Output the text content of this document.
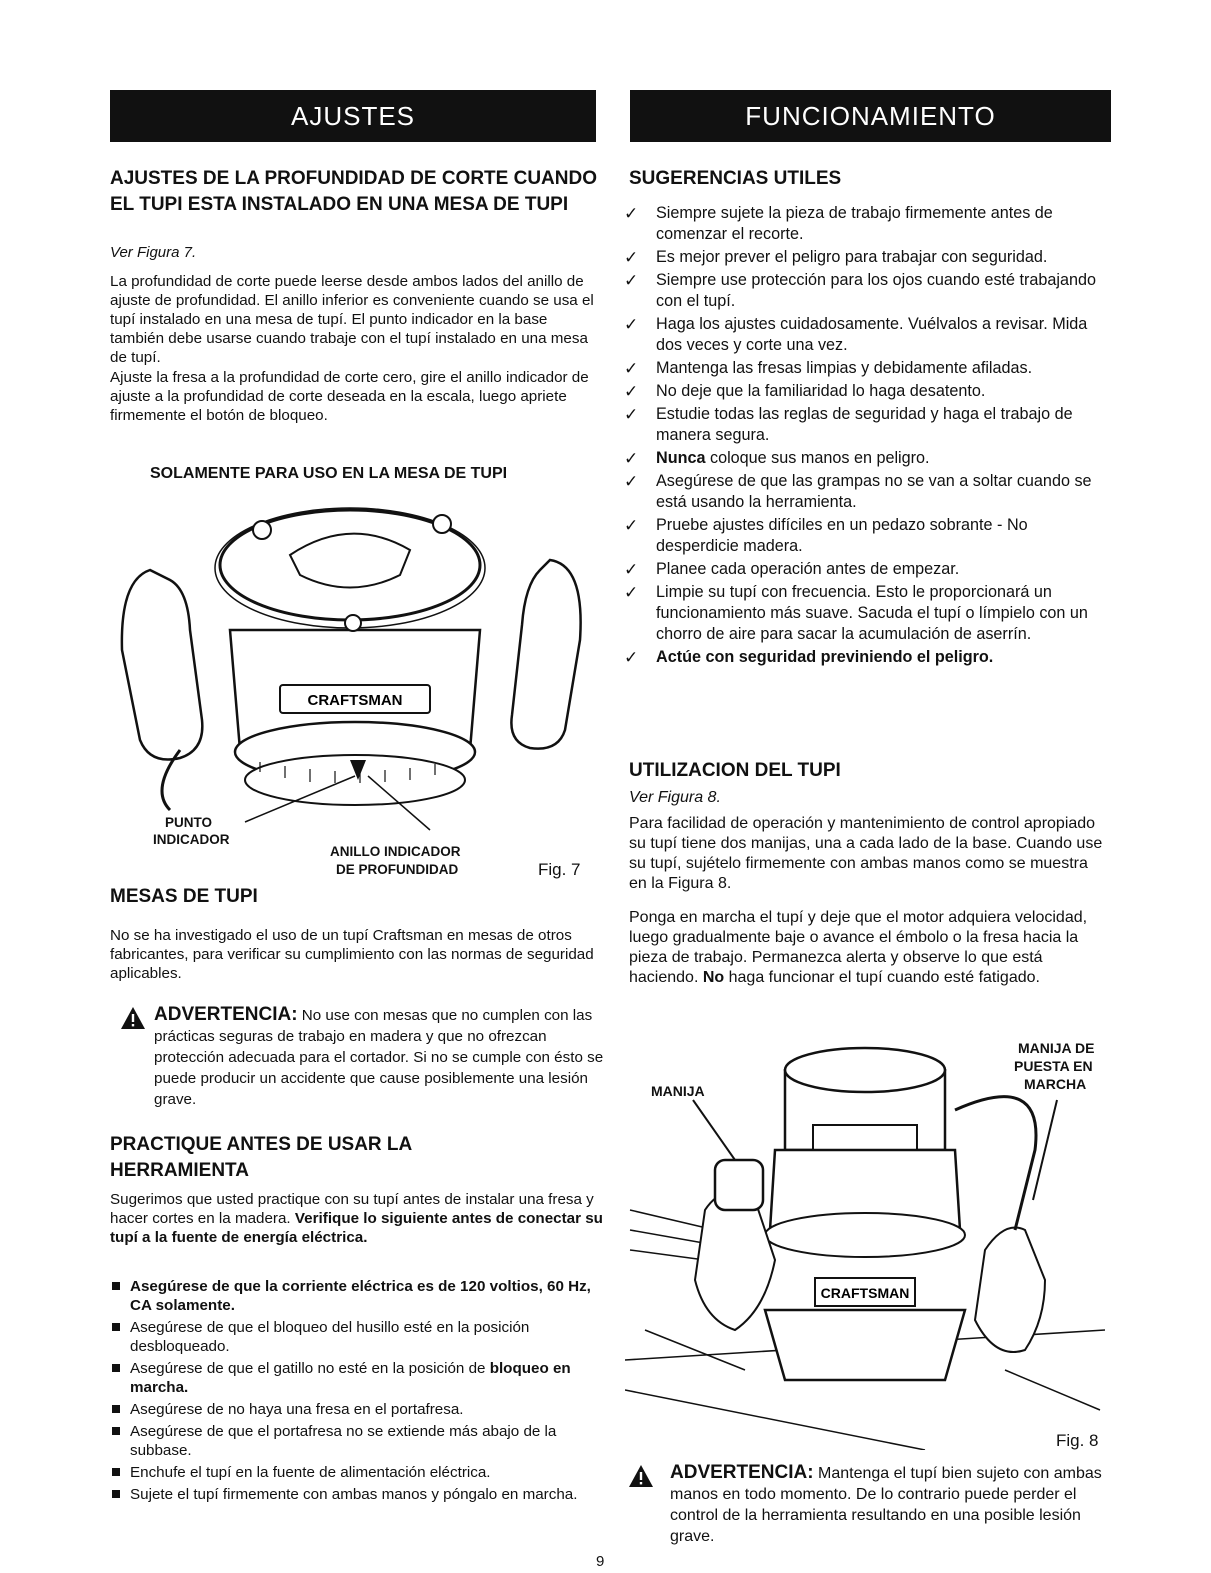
AJUSTES
AJUSTES DE LA PROFUNDIDAD DE CORTE CUANDO EL TUPI ESTA INSTALADO EN UNA MESA DE TUPI

Ver Figura 7.

La profundidad de corte puede leerse desde ambos lados del anillo de ajuste de profundidad. El anillo inferior es conveniente cuando se usa el tupí instalado en una mesa de tupí. El punto indicador en la base también debe usarse cuando trabaje con el tupí instalado en una mesa de tupí.

Ajuste la fresa a la profundidad de corte cero, gire el anillo indicador de ajuste a la profundidad de corte deseada en la escala, luego apriete firmemente el botón de bloqueo.

SOLAMENTE PARA USO EN LA MESA DE TUPI

CRAFTSMAN
PUNTO
INDICADOR
ANILLO INDICADOR
DE PROFUNDIDAD	Fig. 7
MESAS DE TUPI

No se ha investigado el uso de un tupí Craftsman en mesas de otros fabricantes, para verificar su cumplimiento con las normas de seguridad aplicables.

ADVERTENCIA: No use con mesas que no cumplen con las prácticas seguras de trabajo en madera y que no ofrezcan protección adecuada para el cortador. Si no se cumple con ésto se puede producir un accidente que cause posiblemente una lesión grave.

PRACTIQUE ANTES DE USAR LA HERRAMIENTA

Sugerimos que usted practique con su tupí antes de instalar una fresa y hacer cortes en la madera. Verifique lo siguiente antes de conectar su tupí a la fuente de energía eléctrica.

Asegúrese de que la corriente eléctrica es de 120 voltios, 60 Hz, CA solamente.
Asegúrese de que el bloqueo del husillo esté en la posición desbloqueado.
Asegúrese de que el gatillo no esté en la posición de bloqueo en marcha.
Asegúrese de no haya una fresa en el portafresa.
Asegúrese de que el portafresa no se extiende más abajo de la subbase.
Enchufe el tupí en la fuente de alimentación eléctrica.
Sujete el tupí firmemente con ambas manos y póngalo en marcha.
FUNCIONAMIENTO
SUGERENCIAS UTILES
✓ Siempre sujete la pieza de trabajo firmemente antes de comenzar el recorte.
✓ Es mejor prever el peligro para trabajar con seguridad.
✓ Siempre use protección para los ojos cuando esté trabajando con el tupí.
✓ Haga los ajustes cuidadosamente. Vuélvalos a revisar. Mida dos veces y corte una vez.
✓ Mantenga las fresas limpias y debidamente afiladas.
✓ No deje que la familiaridad lo haga desatento.
✓ Estudie todas las reglas de seguridad y haga el trabajo de manera segura.
✓ Nunca coloque sus manos en peligro.
✓ Asegúrese de que las grampas no se van a soltar cuando se está usando la herramienta.
✓ Pruebe ajustes difíciles en un pedazo sobrante - No desperdicie madera.
✓ Planee cada operación antes de empezar.
✓ Limpie su tupí con frecuencia. Esto le proporcionará un funcionamiento más suave. Sacuda el tupí o límpielo con un chorro de aire para sacar la acumulación de aserrín.
✓ Actúe con seguridad previniendo el peligro.
UTILIZACION DEL TUPI

Ver Figura 8.

Para facilidad de operación y mantenimiento de control apropiado su tupí tiene dos manijas, una a cada lado de la base. Cuando use su tupí, sujételo firmemente con ambas manos como se muestra en la Figura 8.

Ponga en marcha el tupí y deje que el motor adquiera velocidad, luego gradualmente baje o avance el émbolo o la fresa hacia la pieza de trabajo. Permanezca alerta y observe lo que está haciendo. No haga funcionar el tupí cuando esté fatigado.

CRAFTSMAN
MANIJA
MANIJA DE
PUESTA EN
MARCHA
Fig. 8

ADVERTENCIA: Mantenga el tupí bien sujeto con ambas manos en todo momento. De lo contrario puede perder el control de la herramienta resultando en una posible lesión grave.

9
